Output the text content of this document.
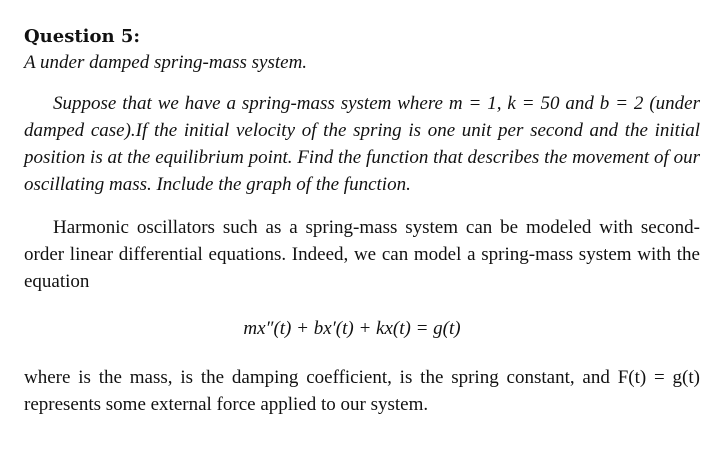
Question 5:

A under damped spring-mass system.

Suppose that we have a spring-mass system where m = 1, k = 50 and b = 2 (under damped case).If the initial velocity of the spring is one unit per second and the initial position is at the equilibrium point. Find the function that describes the movement of our oscillating mass. Include the graph of the function.

Harmonic oscillators such as a spring-mass system can be modeled with second-order linear differential equations. Indeed, we can model a spring-mass system with the equation

mx″(t) + bx′(t) + kx(t) = g(t)

where is the mass, is the damping coefficient, is the spring constant, and F(t) = g(t) represents some external force applied to our system.
